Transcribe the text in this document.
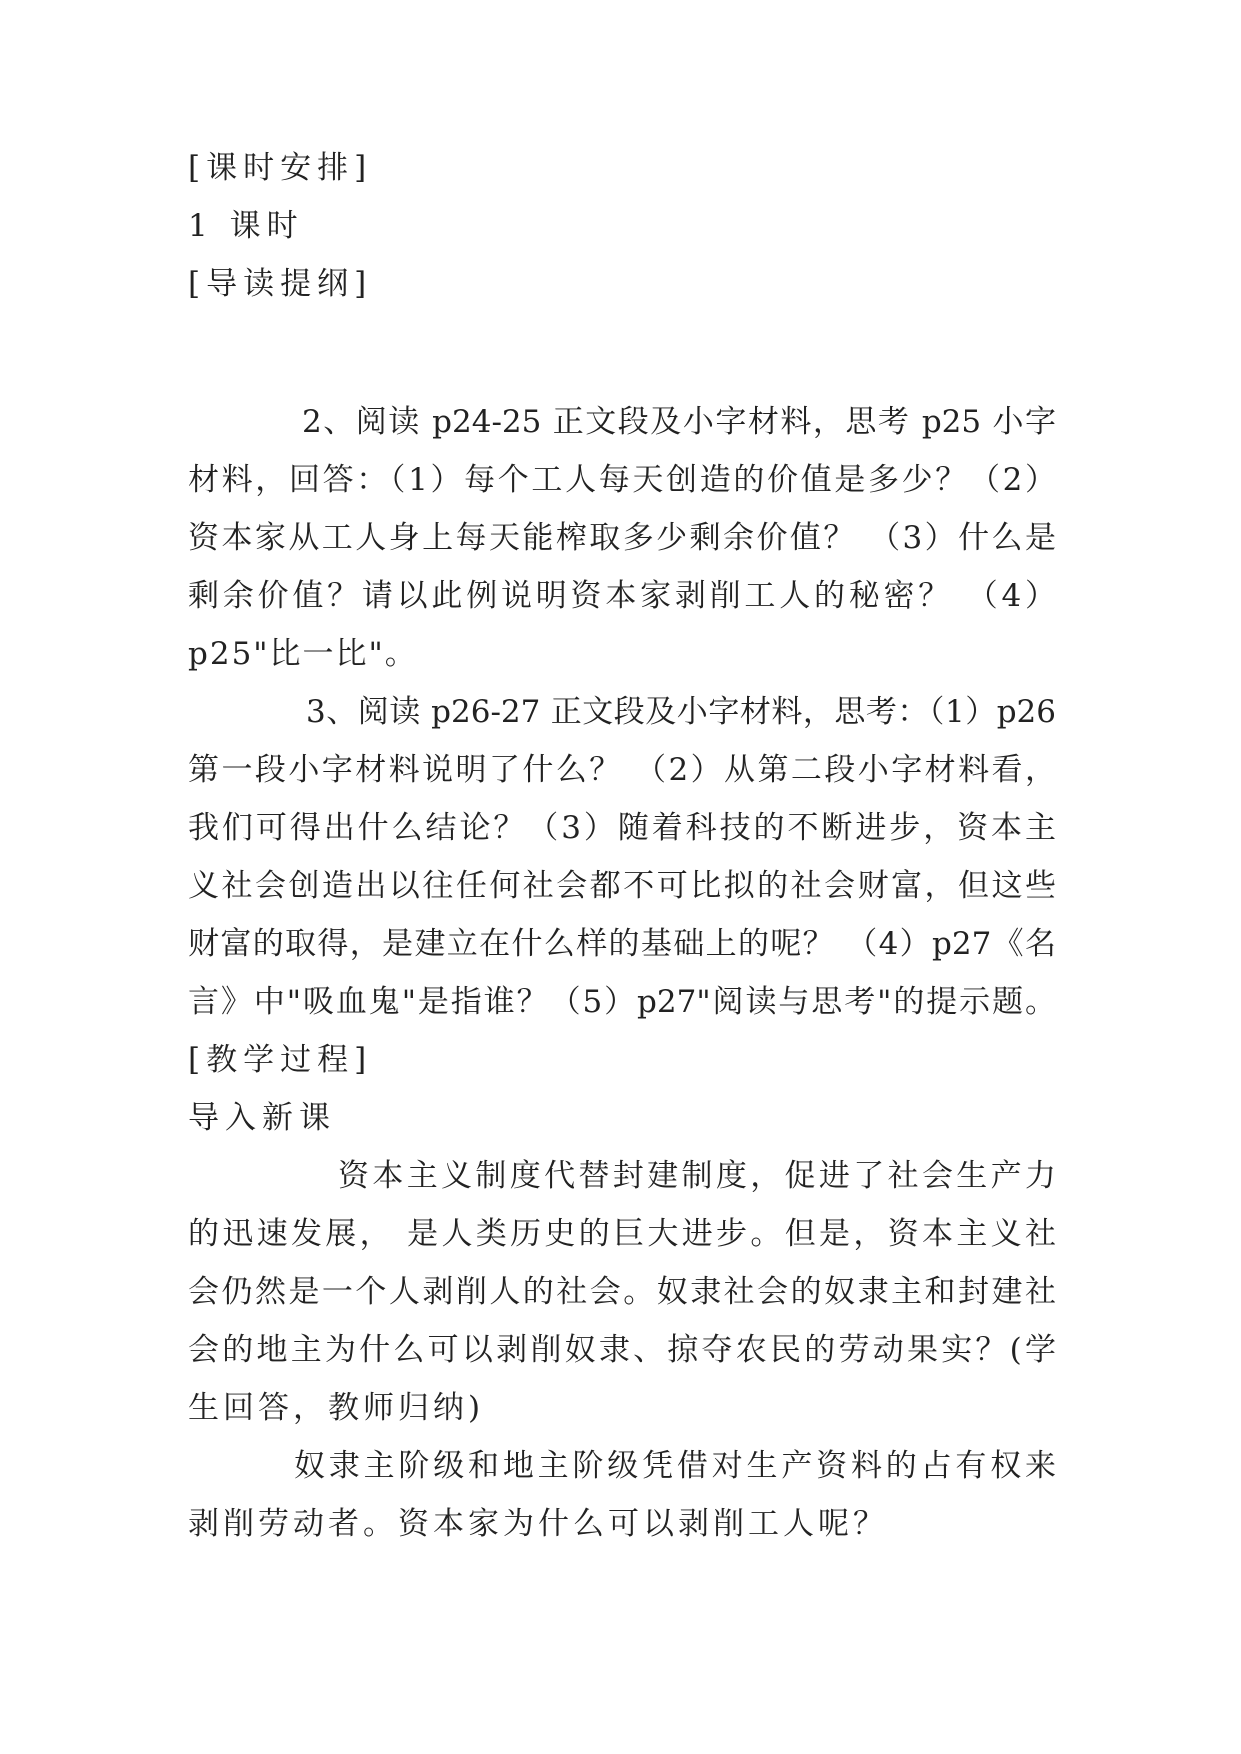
[课时安排]
1 课时
[导读提纲]
2、阅读 p24-25 正文段及小字材料，思考 p25 小字
材料，回答：（1）每个工人每天创造的价值是多少？（2）
资本家从工人身上每天能榨取多少剩余价值？ （3）什么是
剩余价值？请以此例说明资本家剥削工人的秘密？ （4）
p25"比一比"。
3、阅读 p26-27 正文段及小字材料，思考：（1）p26
第一段小字材料说明了什么？ （2）从第二段小字材料看，
我们可得出什么结论？（3）随着科技的不断进步，资本主
义社会创造出以往任何社会都不可比拟的社会财富，但这些
财富的取得，是建立在什么样的基础上的呢？ （4）p27《名
言》中"吸血鬼"是指谁？（5）p27"阅读与思考"的提示题。
[教学过程]
导入新课
资本主义制度代替封建制度，促进了社会生产力
的迅速发展， 是人类历史的巨大进步。但是，资本主义社
会仍然是一个人剥削人的社会。奴隶社会的奴隶主和封建社
会的地主为什么可以剥削奴隶、掠夺农民的劳动果实？(学
生回答，教师归纳)
奴隶主阶级和地主阶级凭借对生产资料的占有权来
剥削劳动者。资本家为什么可以剥削工人呢？
